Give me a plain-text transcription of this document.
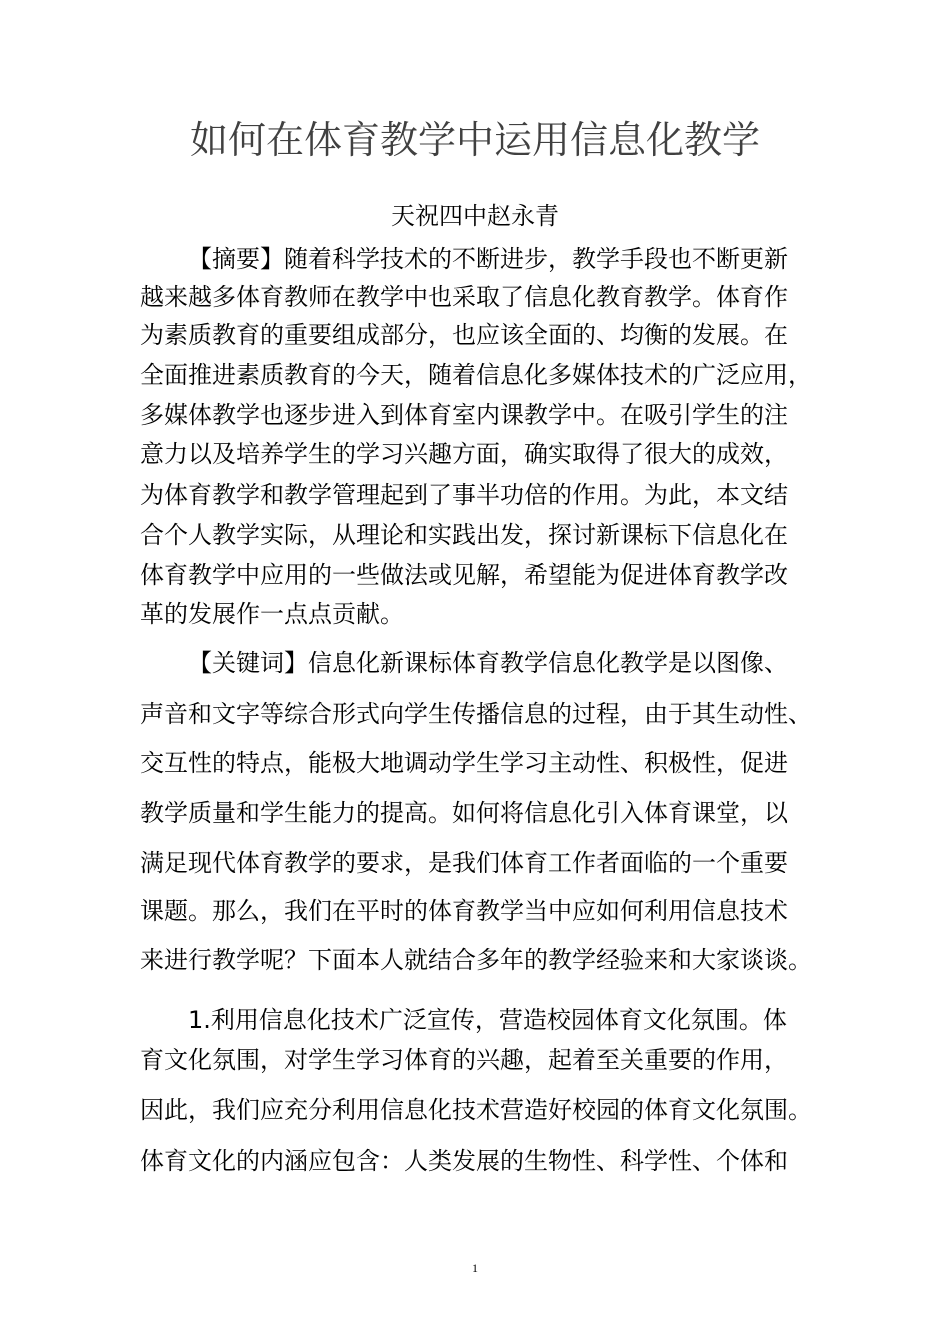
如何在体育教学中运用信息化教学
天祝四中赵永青
【摘要】随着科学技术的不断进步，教学手段也不断更新
越来越多体育教师在教学中也采取了信息化教育教学。体育作
为素质教育的重要组成部分，也应该全面的、均衡的发展。在
全面推进素质教育的今天，随着信息化多媒体技术的广泛应用，
多媒体教学也逐步进入到体育室内课教学中。在吸引学生的注
意力以及培养学生的学习兴趣方面，确实取得了很大的成效，
为体育教学和教学管理起到了事半功倍的作用。为此，本文结
合个人教学实际，从理论和实践出发，探讨新课标下信息化在
体育教学中应用的一些做法或见解，希望能为促进体育教学改
革的发展作一点点贡献。
【关键词】信息化新课标体育教学信息化教学是以图像、
声音和文字等综合形式向学生传播信息的过程，由于其生动性、
交互性的特点，能极大地调动学生学习主动性、积极性，促进
教学质量和学生能力的提高。如何将信息化引入体育课堂，以
满足现代体育教学的要求，是我们体育工作者面临的一个重要
课题。那么，我们在平时的体育教学当中应如何利用信息技术
来进行教学呢？下面本人就结合多年的教学经验来和大家谈谈。
1.利用信息化技术广泛宣传，营造校园体育文化氛围。体
育文化氛围，对学生学习体育的兴趣，起着至关重要的作用，
因此，我们应充分利用信息化技术营造好校园的体育文化氛围。
体育文化的内涵应包含：人类发展的生物性、科学性、个体和
1
